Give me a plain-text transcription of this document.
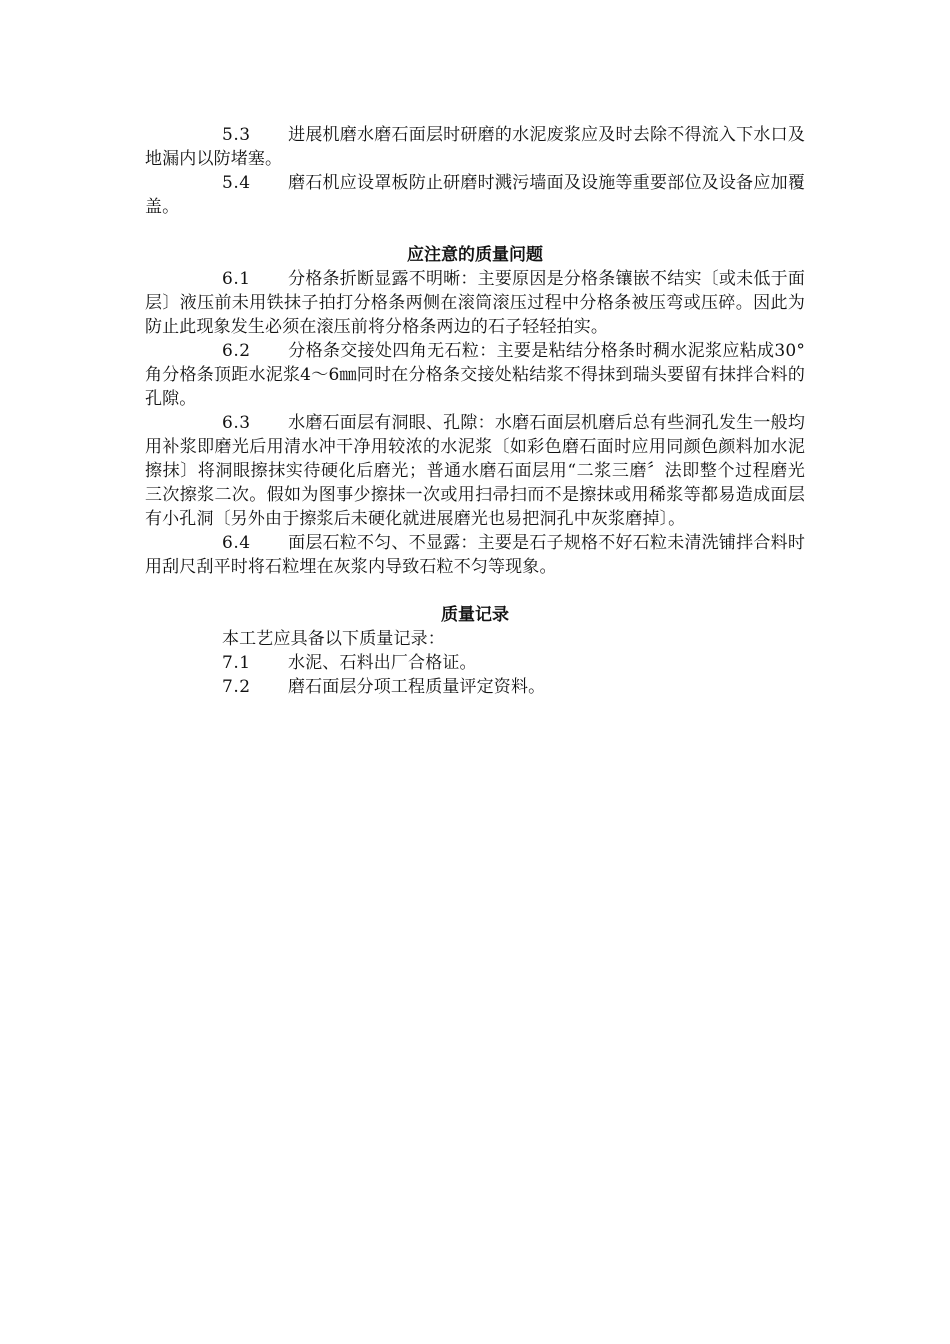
5.3 进展机磨水磨石面层时研磨的水泥废浆应及时去除不得流入下水口及地漏内以防堵塞。

5.4 磨石机应设罩板防止研磨时溅污墙面及设施等重要部位及设备应加覆盖。

应注意的质量问题

6.1 分格条折断显露不明晰：主要原因是分格条镶嵌不结实〔或未低于面层〕液压前未用铁抹子拍打分格条两侧在滚筒滚压过程中分格条被压弯或压碎。因此为防止此现象发生必须在滚压前将分格条两边的石子轻轻拍实。

6.2 分格条交接处四角无石粒：主要是粘结分格条时稠水泥浆应粘成30°角分格条顶距水泥浆4～6㎜同时在分格条交接处粘结浆不得抹到瑞头要留有抹拌合料的孔隙。

6.3 水磨石面层有洞眼、孔隙：水磨石面层机磨后总有些洞孔发生一般均用补浆即磨光后用清水冲干净用较浓的水泥浆〔如彩色磨石面时应用同颜色颜料加水泥擦抹〕将洞眼擦抹实待硬化后磨光；普通水磨石面层用“二浆三磨〞法即整个过程磨光三次擦浆二次。假如为图事少擦抹一次或用扫帚扫而不是擦抹或用稀浆等都易造成面层有小孔洞〔另外由于擦浆后未硬化就进展磨光也易把洞孔中灰浆磨掉〕。

6.4 面层石粒不匀、不显露：主要是石子规格不好石粒未清洗铺拌合料时用刮尺刮平时将石粒埋在灰浆内导致石粒不匀等现象。

质量记录

本工艺应具备以下质量记录：

7.1 水泥、石料出厂合格证。

7.2 磨石面层分项工程质量评定资料。
